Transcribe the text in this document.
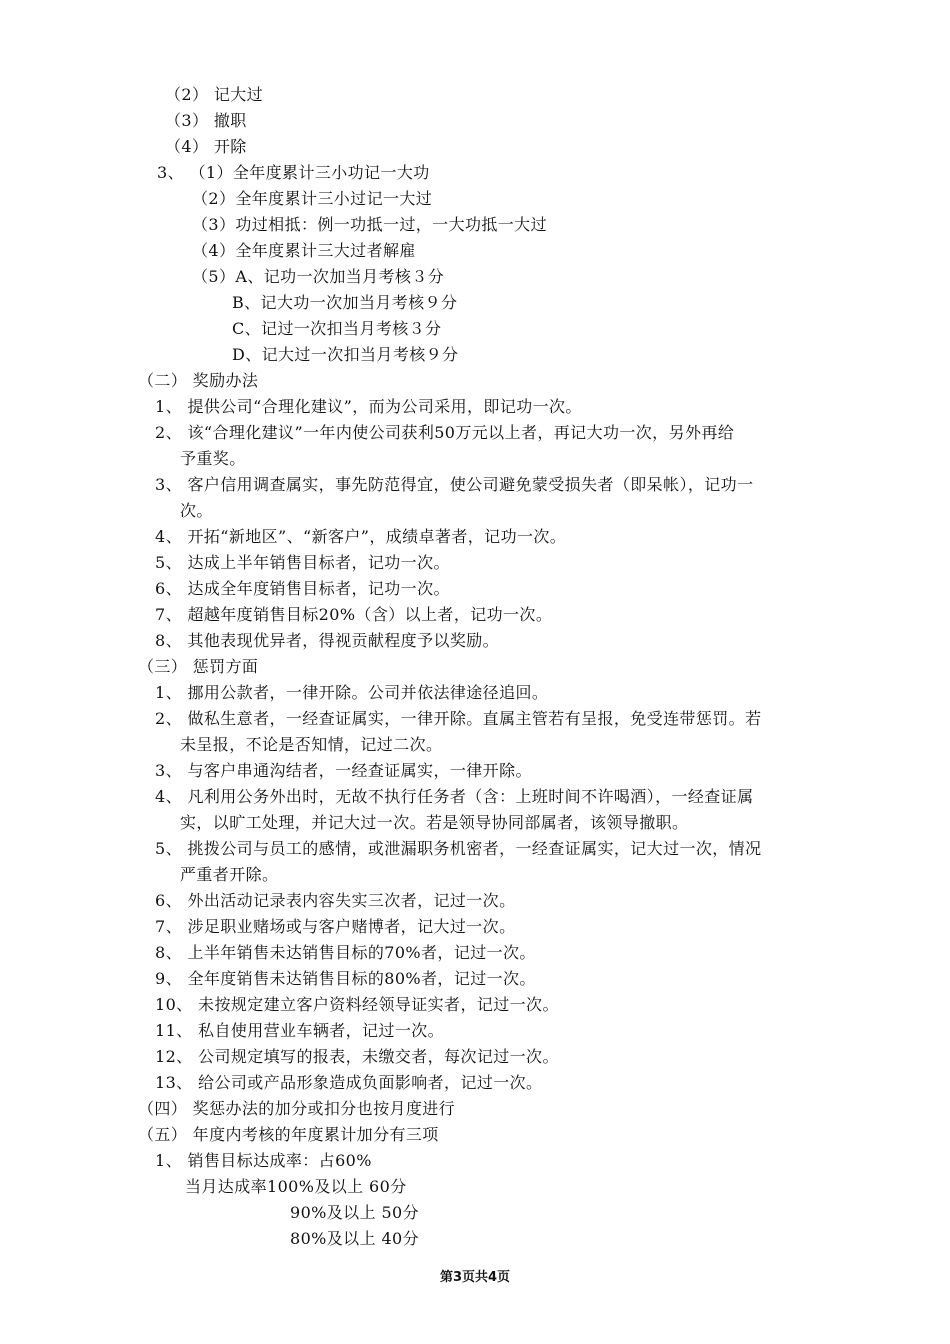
（2） 记大过
（3） 撤职
（4） 开除
3、 （1）全年度累计三小功记一大功
（2）全年度累计三小过记一大过
（3）功过相抵：例一功抵一过，一大功抵一大过
（4）全年度累计三大过者解雇
（5）A、记功一次加当月考核３分
B、记大功一次加当月考核９分
C、记过一次扣当月考核３分
D、记大过一次扣当月考核９分
（二） 奖励办法
1、 提供公司“合理化建议”，而为公司采用，即记功一次。
2、 该“合理化建议”一年内使公司获利50万元以上者，再记大功一次，另外再给
予重奖。
3、 客户信用调查属实，事先防范得宜，使公司避免蒙受损失者（即呆帐），记功一
次。
4、 开拓“新地区”、“新客户”，成绩卓著者，记功一次。
5、 达成上半年销售目标者，记功一次。
6、 达成全年度销售目标者，记功一次。
7、 超越年度销售目标20%（含）以上者，记功一次。
8、 其他表现优异者，得视贡献程度予以奖励。
（三） 惩罚方面
1、 挪用公款者，一律开除。公司并依法律途径追回。
2、 做私生意者，一经查证属实，一律开除。直属主管若有呈报，免受连带惩罚。若
未呈报，不论是否知情，记过二次。
3、 与客户串通沟结者，一经查证属实，一律开除。
4、 凡利用公务外出时，无故不执行任务者（含：上班时间不许喝酒），一经查证属
实，以旷工处理，并记大过一次。若是领导协同部属者，该领导撤职。
5、 挑拨公司与员工的感情，或泄漏职务机密者，一经查证属实，记大过一次，情况
严重者开除。
6、 外出活动记录表内容失实三次者，记过一次。
7、 涉足职业赌场或与客户赌博者，记大过一次。
8、 上半年销售未达销售目标的70%者，记过一次。
9、 全年度销售未达销售目标的80%者，记过一次。
10、 未按规定建立客户资料经领导证实者，记过一次。
11、 私自使用营业车辆者，记过一次。
12、 公司规定填写的报表，未缴交者，每次记过一次。
13、 给公司或产品形象造成负面影响者，记过一次。
（四） 奖惩办法的加分或扣分也按月度进行
（五） 年度内考核的年度累计加分有三项
1、 销售目标达成率：占60%
当月达成率100%及以上 60分
90%及以上 50分
80%及以上 40分
第3页共4页
